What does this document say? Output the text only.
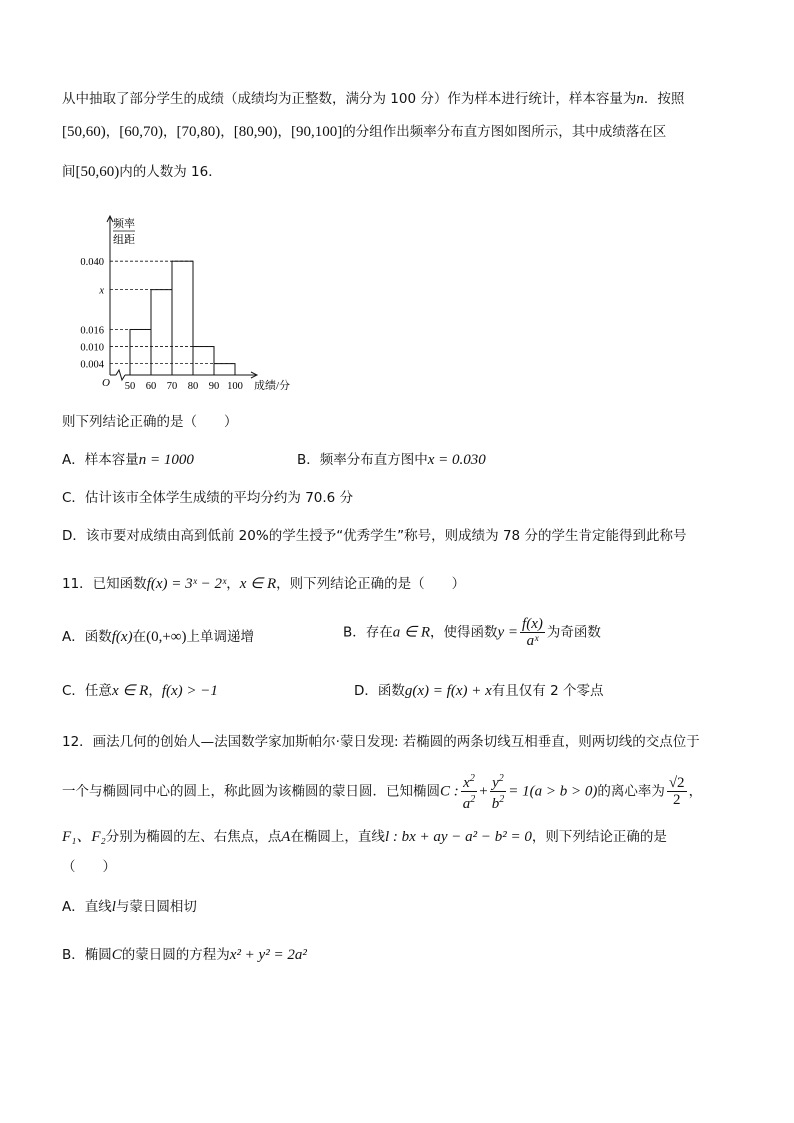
从中抽取了部分学生的成绩（成绩均为正整数，满分为 100 分）作为样本进行统计，样本容量为n．按照
[50,60)，[60,70)，[70,80)，[80,90)，[90,100]的分组作出频率分布直方图如图所示，其中成绩落在区
间[50,60)内的人数为 16．
频率
组距
0.040
x
0.016
0.010
0.004
50 60 70 80 90 100
O	成绩/分
则下列结论正确的是（　　）
A．样本容量n = 1000	B．频率分布直方图中x = 0.030
C．估计该市全体学生成绩的平均分约为 70.6 分
D．该市要对成绩由高到低前 20%的学生授予“优秀学生”称号，则成绩为 78 分的学生肯定能得到此称号
11．已知函数f(x) = 3ˣ − 2ˣ，x ∈ R，则下列结论正确的是（　　）
A．函数f(x)在(0,+∞)上单调递增	B．存在a ∈ R，使得函数$y = \frac{f(x)}{\text{aˣ}}$ 为奇函数
C．任意x ∈ R，f(x) > −1	D．函数g(x) = f(x) + x有且仅有 2 个零点
12．画法几何的创始人—法国数学家加斯帕尔·蒙日发现: 若椭圆的两条切线互相垂直，则两切线的交点位于
一个与椭圆同中心的圆上，称此圆为该椭圆的蒙日圆．已知椭圆C : $\frac{x^2}{a^2} + \frac{y^2}{b^2} = 1(a > b > 0)$的离心率为 $\frac{√2}{2}$ ，
F₁、F₂分别为椭圆的左、右焦点，点A在椭圆上，直线l : bx + ay − a² − b² = 0，则下列结论正确的是
（　　）
A．直线l与蒙日圆相切
B．椭圆C的蒙日圆的方程为x² + y² = 2a²
